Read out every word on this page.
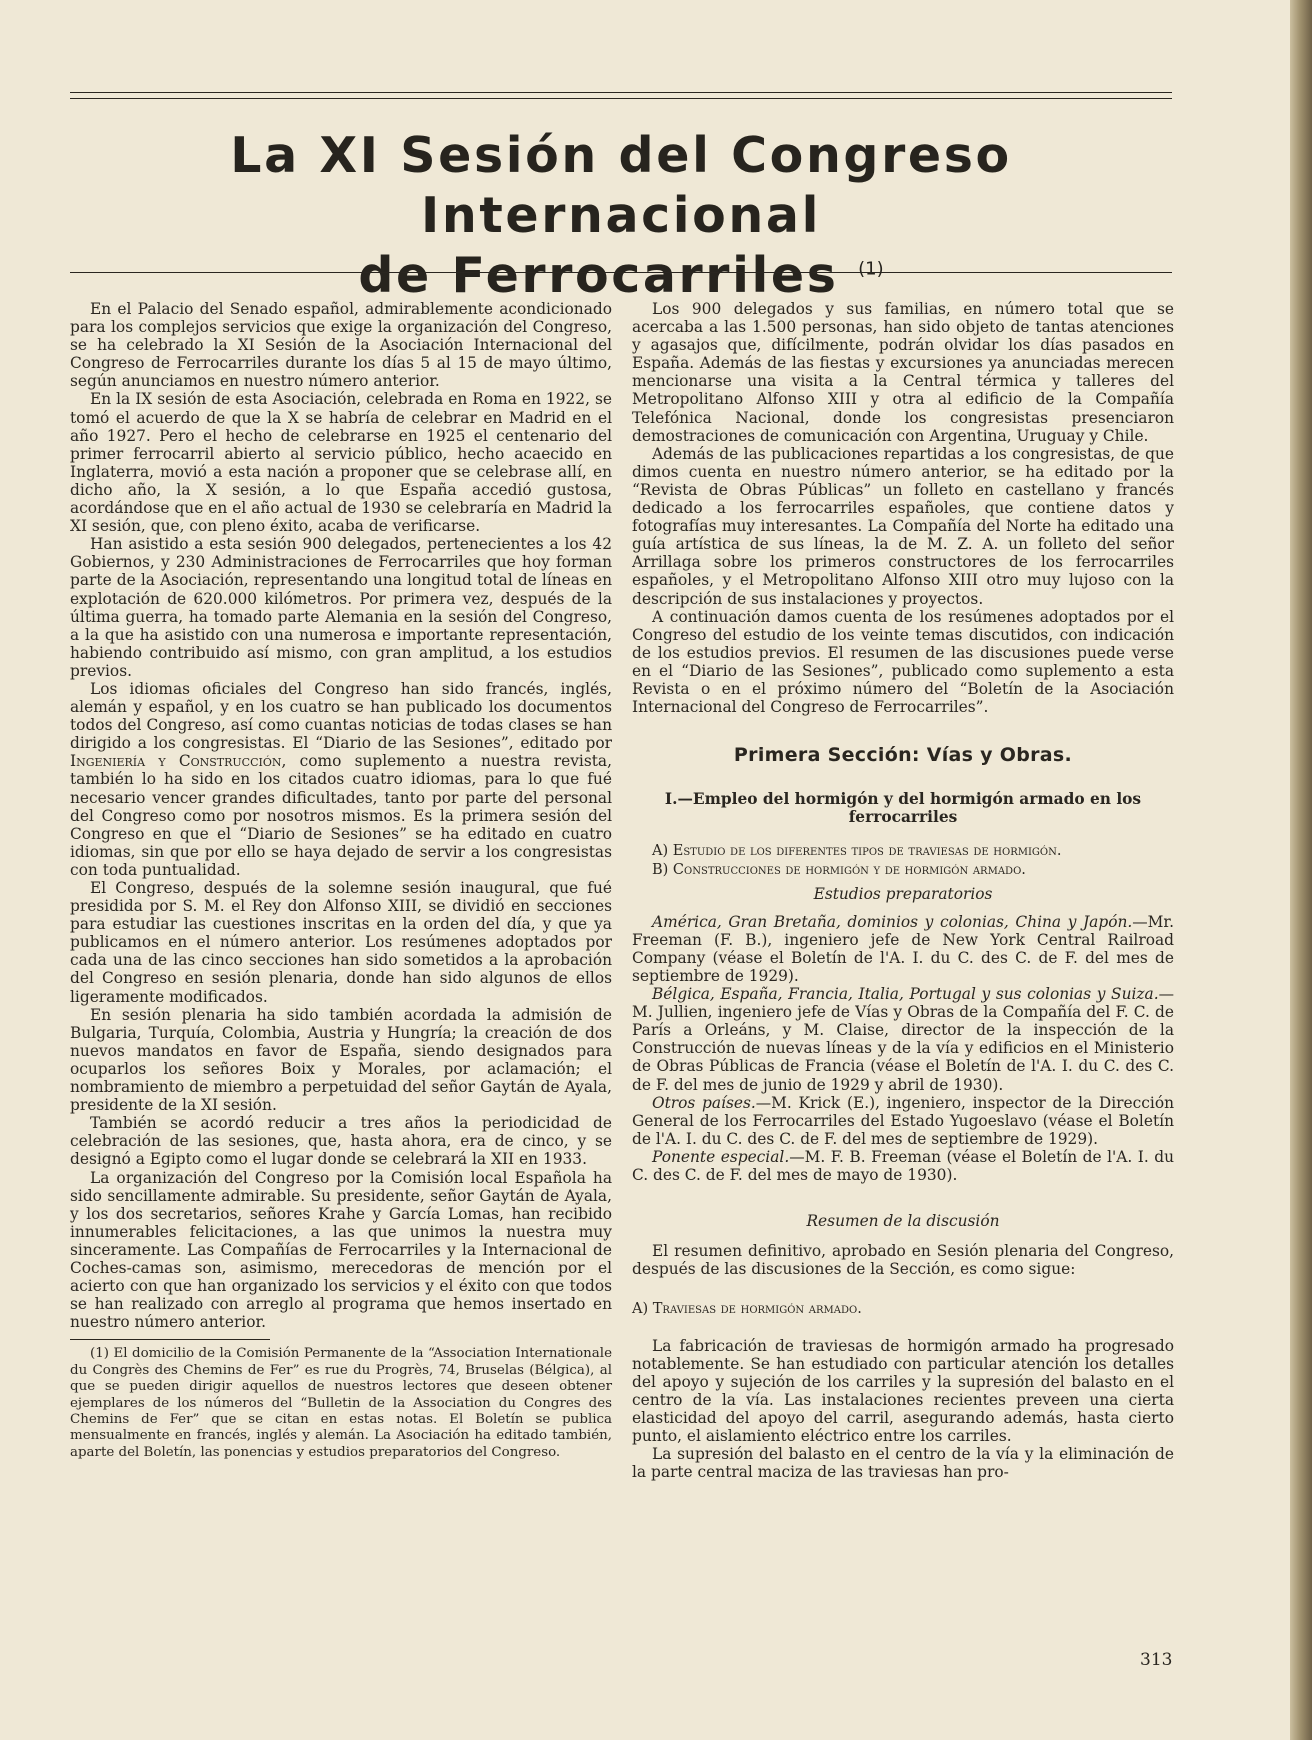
La XI Sesión del Congreso Internacional
de Ferrocarriles $^{(1)}$

En el Palacio del Senado español, admirablemente acondicionado para los complejos servicios que exige la organización del Congreso, se ha celebrado la XI Sesión de la Asociación Internacional del Congreso de Ferrocarriles durante los días 5 al 15 de mayo último, según anunciamos en nuestro número anterior.

En la IX sesión de esta Asociación, celebrada en Roma en 1922, se tomó el acuerdo de que la X se habría de celebrar en Madrid en el año 1927. Pero el hecho de celebrarse en 1925 el centenario del primer ferrocarril abierto al servicio público, hecho acaecido en Inglaterra, movió a esta nación a proponer que se celebrase allí, en dicho año, la X sesión, a lo que España accedió gustosa, acordándose que en el año actual de 1930 se celebraría en Madrid la XI sesión, que, con pleno éxito, acaba de verificarse.

Han asistido a esta sesión 900 delegados, pertenecientes a los 42 Gobiernos, y 230 Administraciones de Ferrocarriles que hoy forman parte de la Asociación, representando una longitud total de líneas en explotación de 620.000 kilómetros. Por primera vez, después de la última guerra, ha tomado parte Alemania en la sesión del Congreso, a la que ha asistido con una numerosa e importante representación, habiendo contribuido así mismo, con gran amplitud, a los estudios previos.

Los idiomas oficiales del Congreso han sido francés, inglés, alemán y español, y en los cuatro se han publicado los documentos todos del Congreso, así como cuantas noticias de todas clases se han dirigido a los congresistas. El “Diario de las Sesiones”, editado por Ingeniería y Construcción, como suplemento a nuestra revista, también lo ha sido en los citados cuatro idiomas, para lo que fué necesario vencer grandes dificultades, tanto por parte del personal del Congreso como por nosotros mismos. Es la primera sesión del Congreso en que el “Diario de Sesiones” se ha editado en cuatro idiomas, sin que por ello se haya dejado de servir a los congresistas con toda puntualidad.

El Congreso, después de la solemne sesión inaugural, que fué presidida por S. M. el Rey don Alfonso XIII, se dividió en secciones para estudiar las cuestiones inscritas en la orden del día, y que ya publicamos en el número anterior. Los resúmenes adoptados por cada una de las cinco secciones han sido sometidos a la aprobación del Congreso en sesión plenaria, donde han sido algunos de ellos ligeramente modificados.

En sesión plenaria ha sido también acordada la admisión de Bulgaria, Turquía, Colombia, Austria y Hungría; la creación de dos nuevos mandatos en favor de España, siendo designados para ocuparlos los señores Boix y Morales, por aclamación; el nombramiento de miembro a perpetuidad del señor Gaytán de Ayala, presidente de la XI sesión.

También se acordó reducir a tres años la periodicidad de celebración de las sesiones, que, hasta ahora, era de cinco, y se designó a Egipto como el lugar donde se celebrará la XII en 1933.

La organización del Congreso por la Comisión local Española ha sido sencillamente admirable. Su presidente, señor Gaytán de Ayala, y los dos secretarios, señores Krahe y García Lomas, han recibido innumerables felicitaciones, a las que unimos la nuestra muy sinceramente. Las Compañías de Ferrocarriles y la Internacional de Coches-camas son, asimismo, merecedoras de mención por el acierto con que han organizado los servicios y el éxito con que todos se han realizado con arreglo al programa que hemos insertado en nuestro número anterior.

(1) El domicilio de la Comisión Permanente de la “Association Internationale du Congrès des Chemins de Fer” es rue du Progrès, 74, Bruselas (Bélgica), al que se pueden dirigir aquellos de nuestros lectores que deseen obtener ejemplares de los números del “Bulletin de la Association du Congres des Chemins de Fer” que se citan en estas notas. El Boletín se publica mensualmente en francés, inglés y alemán. La Asociación ha editado también, aparte del Boletín, las ponencias y estudios preparatorios del Congreso.

Los 900 delegados y sus familias, en número total que se acercaba a las 1.500 personas, han sido objeto de tantas atenciones y agasajos que, difícilmente, podrán olvidar los días pasados en España. Además de las fiestas y excursiones ya anunciadas merecen mencionarse una visita a la Central térmica y talleres del Metropolitano Alfonso XIII y otra al edificio de la Compañía Telefónica Nacional, donde los congresistas presenciaron demostraciones de comunicación con Argentina, Uruguay y Chile.

Además de las publicaciones repartidas a los congresistas, de que dimos cuenta en nuestro número anterior, se ha editado por la “Revista de Obras Públicas” un folleto en castellano y francés dedicado a los ferrocarriles españoles, que contiene datos y fotografías muy interesantes. La Compañía del Norte ha editado una guía artística de sus líneas, la de M. Z. A. un folleto del señor Arrillaga sobre los primeros constructores de los ferrocarriles españoles, y el Metropolitano Alfonso XIII otro muy lujoso con la descripción de sus instalaciones y proyectos.

A continuación damos cuenta de los resúmenes adoptados por el Congreso del estudio de los veinte temas discutidos, con indicación de los estudios previos. El resumen de las discusiones puede verse en el “Diario de las Sesiones”, publicado como suplemento a esta Revista o en el próximo número del “Boletín de la Asociación Internacional del Congreso de Ferrocarriles”.

Primera Sección: Vías y Obras.
I.—Empleo del hormigón y del hormigón armado en los ferrocarriles

A) Estudio de los diferentes tipos de traviesas de hormigón.

B) Construcciones de hormigón y de hormigón armado.

Estudios preparatorios

América, Gran Bretaña, dominios y colonias, China y Japón.—Mr. Freeman (F. B.), ingeniero jefe de New York Central Railroad Company (véase el Boletín de l'A. I. du C. des C. de F. del mes de septiembre de 1929).

Bélgica, España, Francia, Italia, Portugal y sus colonias y Suiza.—M. Jullien, ingeniero jefe de Vías y Obras de la Compañía del F. C. de París a Orleáns, y M. Claise, director de la inspección de la Construcción de nuevas líneas y de la vía y edificios en el Ministerio de Obras Públicas de Francia (véase el Boletín de l'A. I. du C. des C. de F. del mes de junio de 1929 y abril de 1930).

Otros países.—M. Krick (E.), ingeniero, inspector de la Dirección General de los Ferrocarriles del Estado Yugoeslavo (véase el Boletín de l'A. I. du C. des C. de F. del mes de septiembre de 1929).

Ponente especial.—M. F. B. Freeman (véase el Boletín de l'A. I. du C. des C. de F. del mes de mayo de 1930).

Resumen de la discusión

El resumen definitivo, aprobado en Sesión plenaria del Congreso, después de las discusiones de la Sección, es como sigue:

A) Traviesas de hormigón armado.

La fabricación de traviesas de hormigón armado ha progresado notablemente. Se han estudiado con particular atención los detalles del apoyo y sujeción de los carriles y la supresión del balasto en el centro de la vía. Las instalaciones recientes preveen una cierta elasticidad del apoyo del carril, asegurando además, hasta cierto punto, el aislamiento eléctrico entre los carriles.

La supresión del balasto en el centro de la vía y la eliminación de la parte central maciza de las traviesas han pro-

313
